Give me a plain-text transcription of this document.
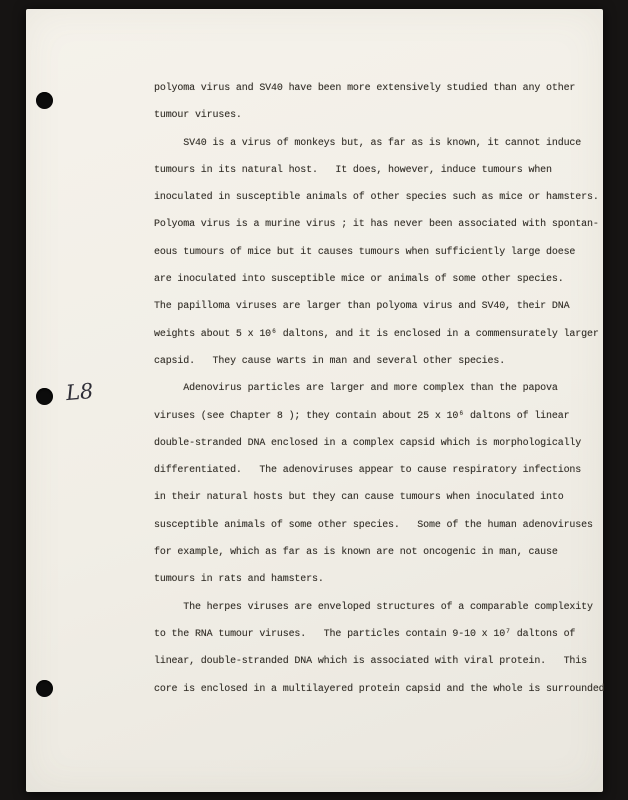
polyoma virus and SV40 have been more extensively studied than any other
tumour viruses.
SV40 is a virus of monkeys but, as far as is known, it cannot induce
tumours in its natural host.   It does, however, induce tumours when
inoculated in susceptible animals of other species such as mice or hamsters.
Polyoma virus is a murine virus ; it has never been associated with spontan-
eous tumours of mice but it causes tumours when sufficiently large doese
are inoculated into susceptible mice or animals of some other species.
The papilloma viruses are larger than polyoma virus and SV40, their DNA
weights about 5 x 10⁶ daltons, and it is enclosed in a commensurately larger
capsid.   They cause warts in man and several other species.
Adenovirus particles are larger and more complex than the papova
viruses (see Chapter 8 ); they contain about 25 x 10⁶ daltons of linear
double-stranded DNA enclosed in a complex capsid which is morphologically
differentiated.   The adenoviruses appear to cause respiratory infections
in their natural hosts but they can cause tumours when inoculated into
susceptible animals of some other species.   Some of the human adenoviruses
for example, which as far as is known are not oncogenic in man, cause
tumours in rats and hamsters.
The herpes viruses are enveloped structures of a comparable complexity
to the RNA tumour viruses.   The particles contain 9-10 x 10⁷ daltons of
linear, double-stranded DNA which is associated with viral protein.   This
core is enclosed in a multilayered protein capsid and the whole is surrounded
L8
